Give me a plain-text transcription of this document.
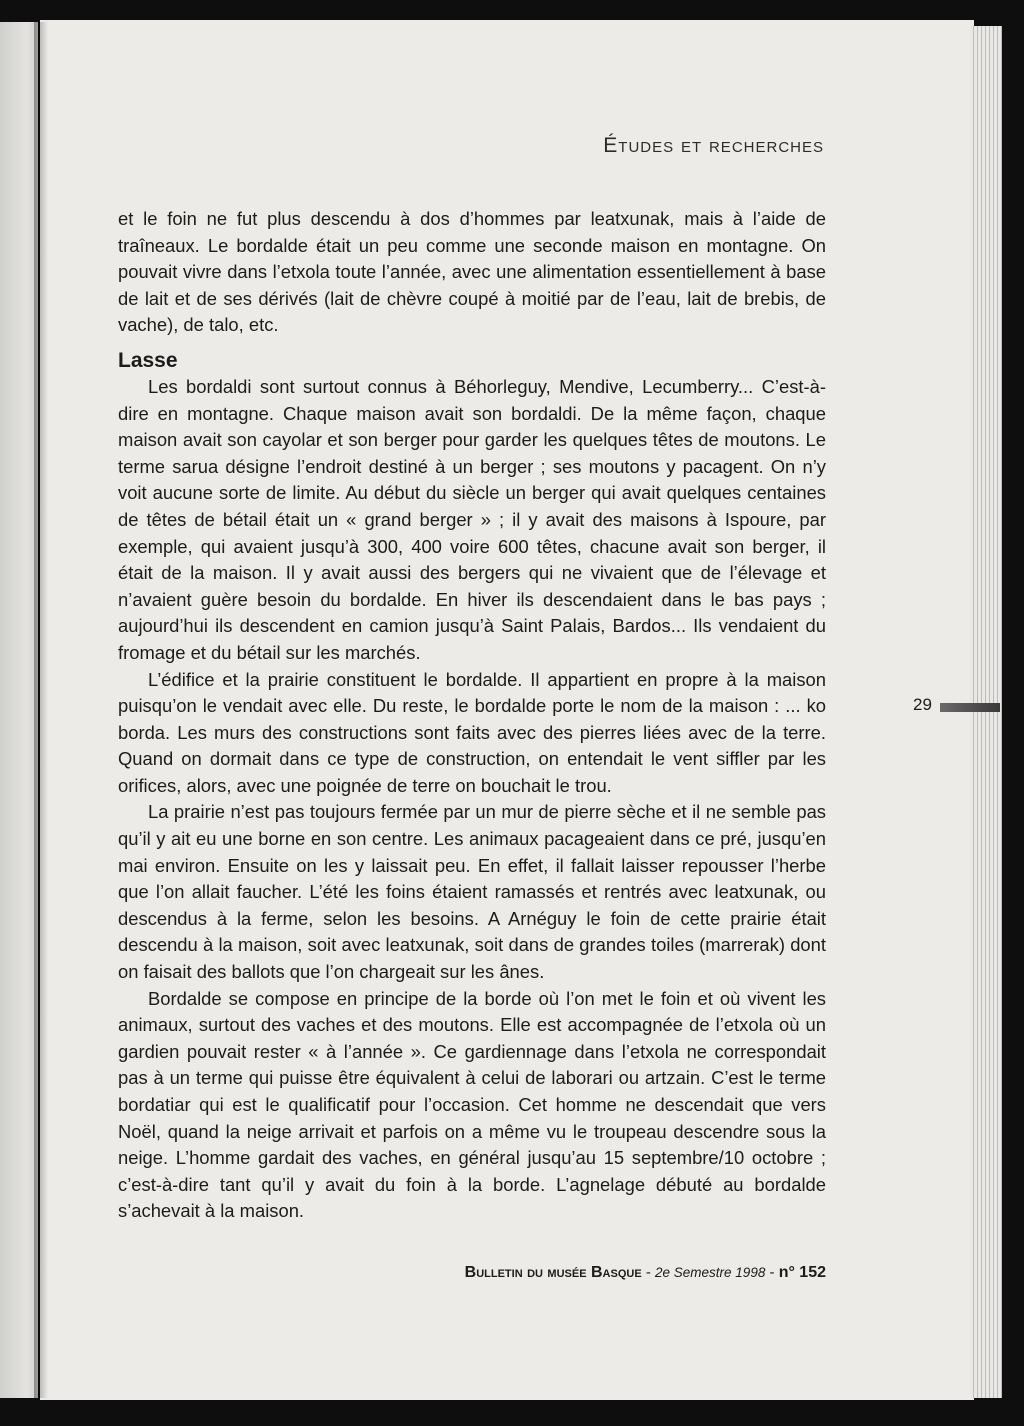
Études et recherches

et le foin ne fut plus descendu à dos d’hommes par leatxunak, mais à l’aide de traîneaux. Le bordalde était un peu comme une seconde maison en montagne. On pouvait vivre dans l’etxola toute l’année, avec une alimentation essentiellement à base de lait et de ses dérivés (lait de chèvre coupé à moitié par de l’eau, lait de brebis, de vache), de talo, etc.

Lasse

Les bordaldi sont surtout connus à Béhorleguy, Mendive, Lecumberry... C’est-à-dire en montagne. Chaque maison avait son bordaldi. De la même façon, chaque maison avait son cayolar et son berger pour garder les quelques têtes de moutons. Le terme sarua désigne l’endroit destiné à un berger ; ses moutons y pacagent. On n’y voit aucune sorte de limite. Au début du siècle un berger qui avait quelques centaines de têtes de bétail était un « grand berger » ; il y avait des maisons à Ispoure, par exemple, qui avaient jusqu’à 300, 400 voire 600 têtes, chacune avait son berger, il était de la maison. Il y avait aussi des bergers qui ne vivaient que de l’élevage et n’avaient guère besoin du bordalde. En hiver ils descendaient dans le bas pays ; aujourd’hui ils descendent en camion jusqu’à Saint Palais, Bardos... Ils vendaient du fromage et du bétail sur les marchés.

L’édifice et la prairie constituent le bordalde. Il appartient en propre à la maison puisqu’on le vendait avec elle. Du reste, le bordalde porte le nom de la maison : ... ko borda. Les murs des constructions sont faits avec des pierres liées avec de la terre. Quand on dormait dans ce type de construction, on entendait le vent siffler par les orifices, alors, avec une poignée de terre on bouchait le trou.

La prairie n’est pas toujours fermée par un mur de pierre sèche et il ne semble pas qu’il y ait eu une borne en son centre. Les animaux pacageaient dans ce pré, jusqu’en mai environ. Ensuite on les y laissait peu. En effet, il fallait laisser repousser l’herbe que l’on allait faucher. L’été les foins étaient ramassés et rentrés avec leatxunak, ou descendus à la ferme, selon les besoins. A Arnéguy le foin de cette prairie était descendu à la maison, soit avec leatxunak, soit dans de grandes toiles (marrerak) dont on faisait des ballots que l’on chargeait sur les ânes.

Bordalde se compose en principe de la borde où l’on met le foin et où vivent les animaux, surtout des vaches et des moutons. Elle est accompagnée de l’etxola où un gardien pouvait rester « à l’année ». Ce gardiennage dans l’etxola ne correspondait pas à un terme qui puisse être équivalent à celui de laborari ou artzain. C’est le terme bordatiar qui est le qualificatif pour l’occasion. Cet homme ne descendait que vers Noël, quand la neige arrivait et parfois on a même vu le troupeau descendre sous la neige. L’homme gardait des vaches, en général jusqu’au 15 septembre/10 octobre ; c’est-à-dire tant qu’il y avait du foin à la borde. L’agnelage débuté au bordalde s’achevait à la maison.

29
Bulletin du musée Basque - 2e Semestre 1998 - n° 152
